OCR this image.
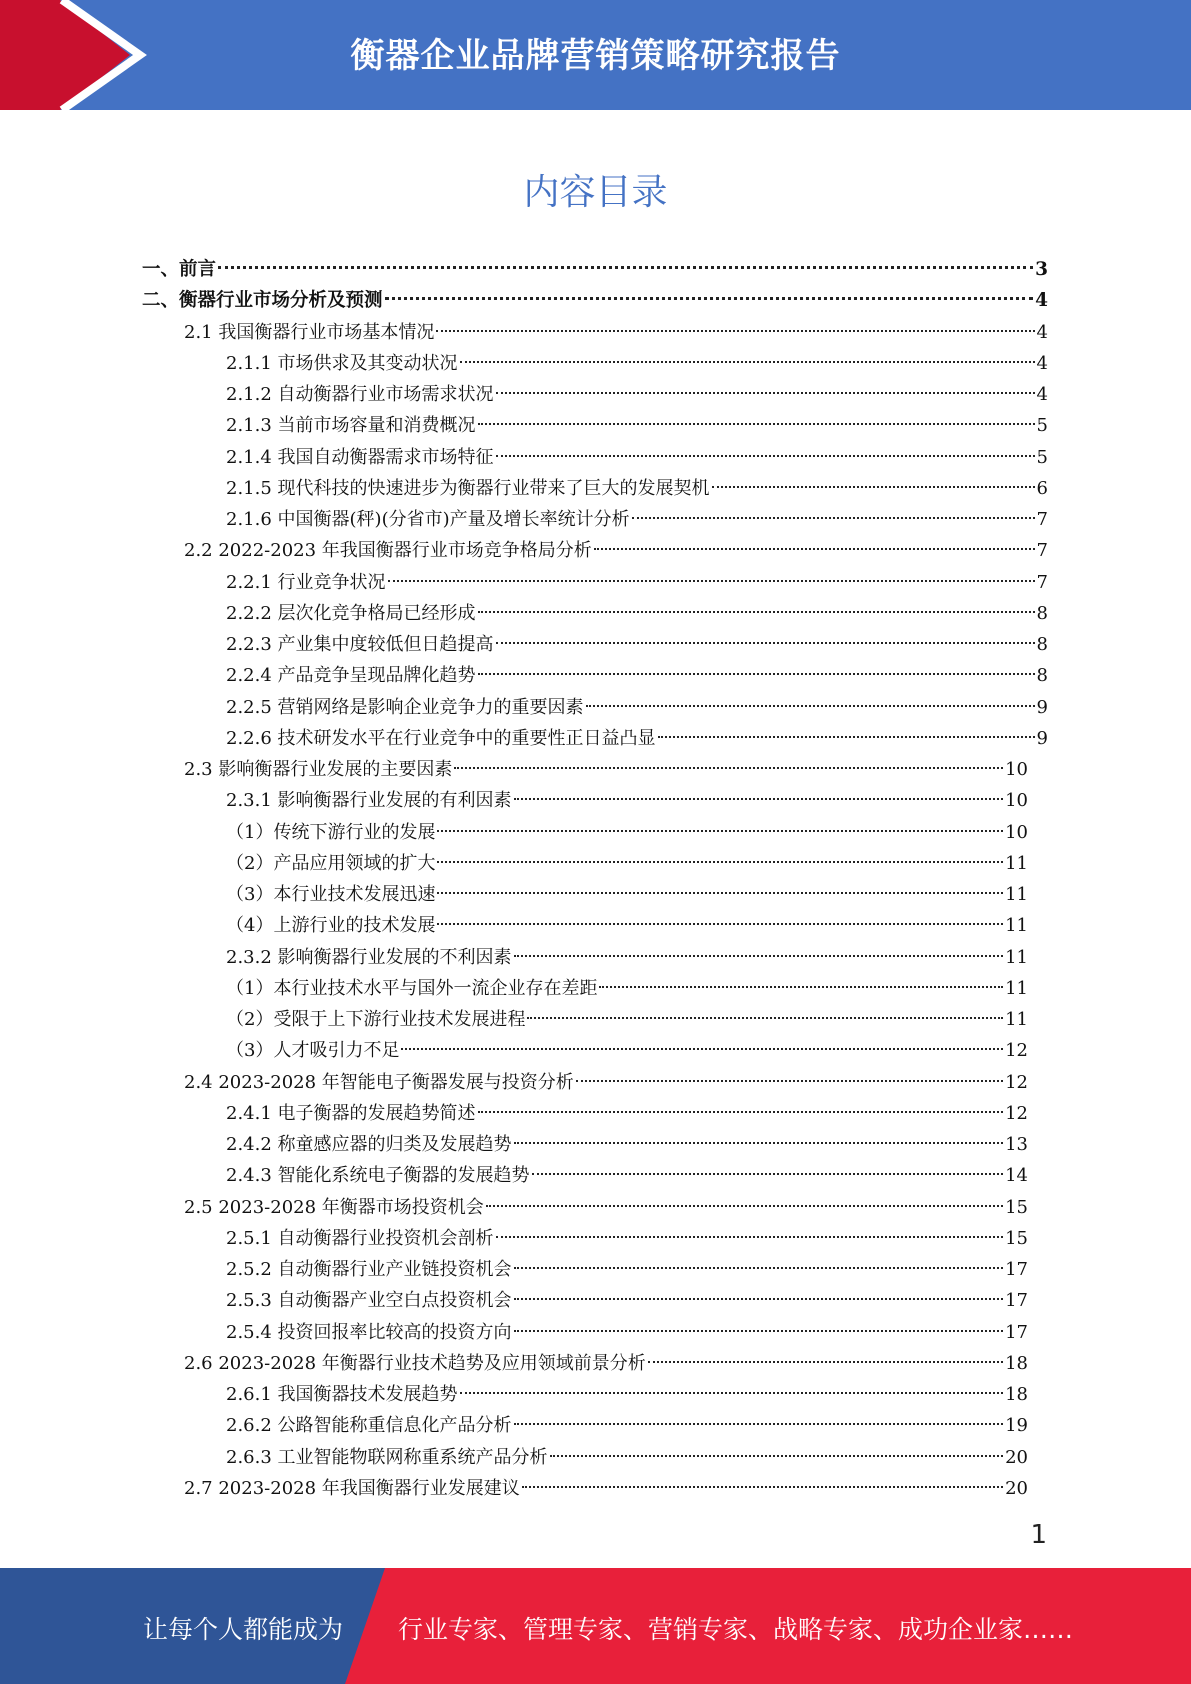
衡器企业品牌营销策略研究报告
内容目录
一、前言	3
二、衡器行业市场分析及预测	4
2.1 我国衡器行业市场基本情况	4
2.1.1 市场供求及其变动状况	4
2.1.2 自动衡器行业市场需求状况	4
2.1.3 当前市场容量和消费概况	5
2.1.4 我国自动衡器需求市场特征	5
2.1.5 现代科技的快速进步为衡器行业带来了巨大的发展契机	6
2.1.6 中国衡器(秤)(分省市)产量及增长率统计分析	7
2.2 2022-2023 年我国衡器行业市场竞争格局分析	7
2.2.1 行业竞争状况	7
2.2.2 层次化竞争格局已经形成	8
2.2.3 产业集中度较低但日趋提高	8
2.2.4 产品竞争呈现品牌化趋势	8
2.2.5 营销网络是影响企业竞争力的重要因素	9
2.2.6 技术研发水平在行业竞争中的重要性正日益凸显	9
2.3 影响衡器行业发展的主要因素	10
2.3.1 影响衡器行业发展的有利因素	10
（1）传统下游行业的发展	10
（2）产品应用领域的扩大	11
（3）本行业技术发展迅速	11
（4）上游行业的技术发展	11
2.3.2 影响衡器行业发展的不利因素	11
（1）本行业技术水平与国外一流企业存在差距	11
（2）受限于上下游行业技术发展进程	11
（3）人才吸引力不足	12
2.4 2023-2028 年智能电子衡器发展与投资分析	12
2.4.1 电子衡器的发展趋势简述	12
2.4.2 称童感应器的归类及发展趋势	13
2.4.3 智能化系统电子衡器的发展趋势	14
2.5 2023-2028 年衡器市场投资机会	15
2.5.1 自动衡器行业投资机会剖析	15
2.5.2 自动衡器行业产业链投资机会	17
2.5.3 自动衡器产业空白点投资机会	17
2.5.4 投资回报率比较高的投资方向	17
2.6 2023-2028 年衡器行业技术趋势及应用领域前景分析	18
2.6.1 我国衡器技术发展趋势	18
2.6.2 公路智能称重信息化产品分析	19
2.6.3 工业智能物联网称重系统产品分析	20
2.7 2023-2028 年我国衡器行业发展建议	20
1
让每个人都能成为 行业专家、管理专家、营销专家、战略专家、成功企业家……
